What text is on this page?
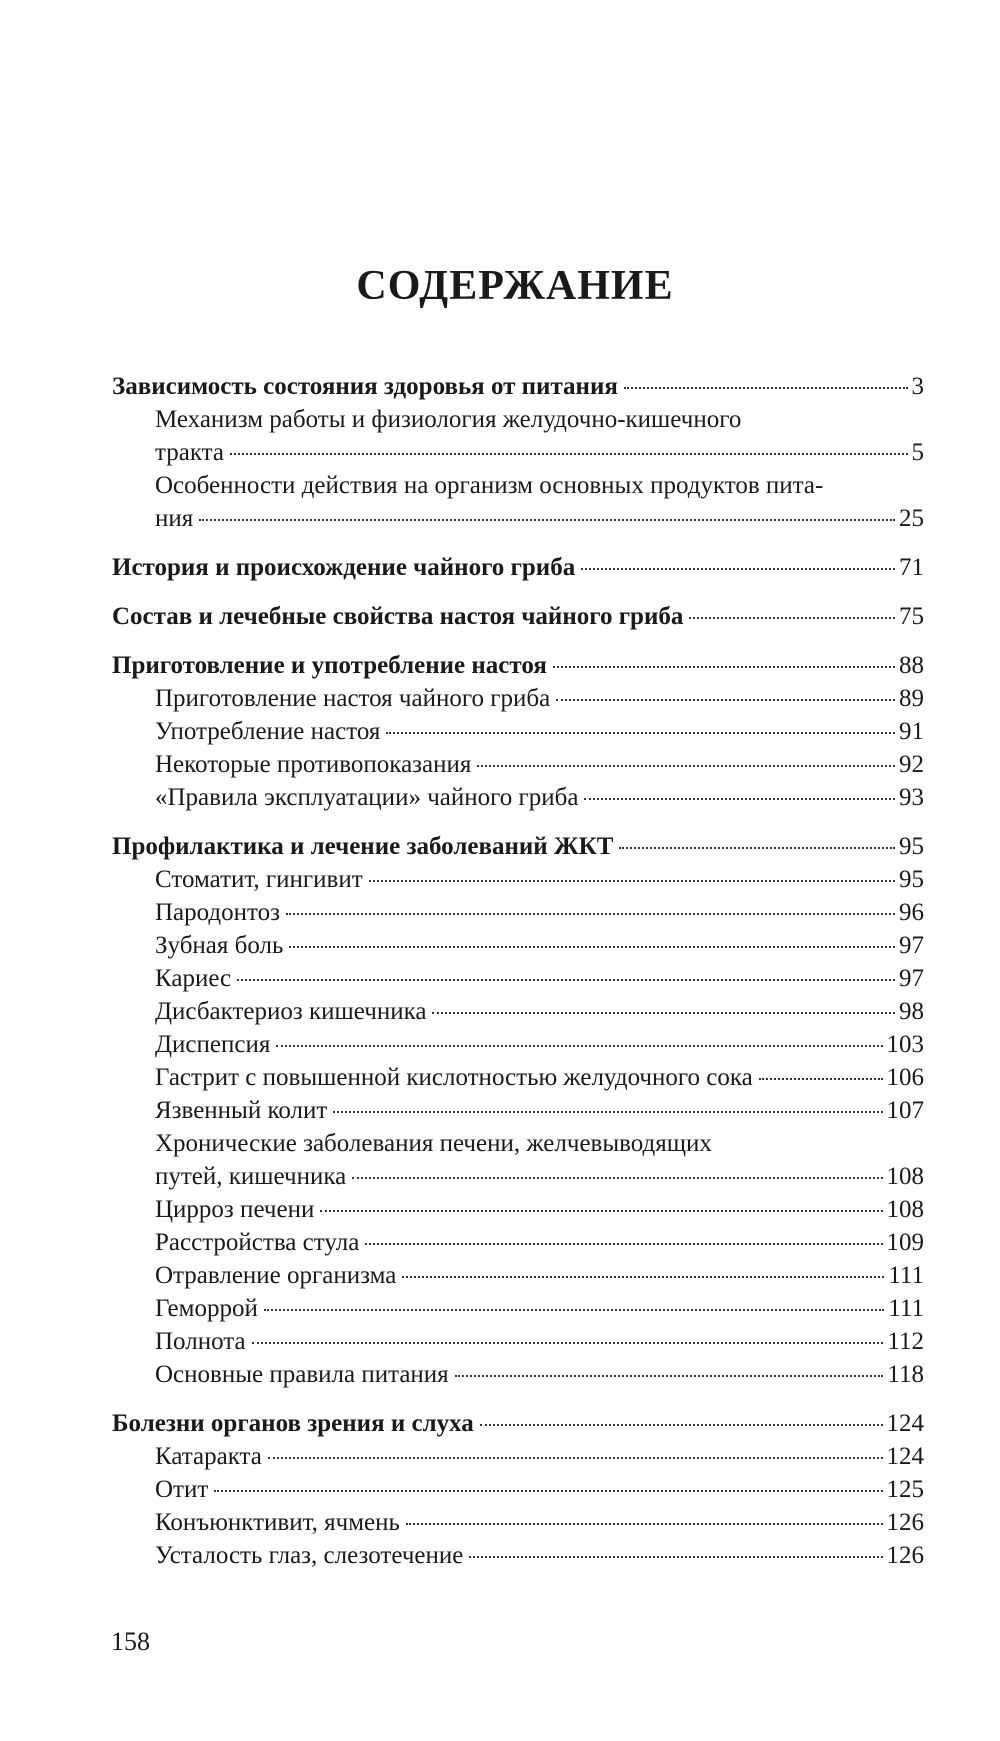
СОДЕРЖАНИЕ
Зависимость состояния здоровья от питания	3
Механизм работы и физиология желудочно-кишечного
тракта	5
Особенности действия на организм основных продуктов пита-
ния	25
История и происхождение чайного гриба	71
Состав и лечебные свойства настоя чайного гриба	75
Приготовление и употребление настоя	88
Приготовление настоя чайного гриба	89
Употребление настоя	91
Некоторые противопоказания	92
«Правила эксплуатации» чайного гриба	93
Профилактика и лечение заболеваний ЖКТ	95
Стоматит, гингивит	95
Пародонтоз	96
Зубная боль	97
Кариес	97
Дисбактериоз кишечника	98
Диспепсия	103
Гастрит с повышенной кислотностью желудочного сока	106
Язвенный колит	107
Хронические заболевания печени, желчевыводящих
путей, кишечника	108
Цирроз печени	108
Расстройства стула	109
Отравление организма	111
Геморрой	111
Полнота	112
Основные правила питания	118
Болезни органов зрения и слуха	124
Катаракта	124
Отит	125
Конъюнктивит, ячмень	126
Усталость глаз, слезотечение	126
158
